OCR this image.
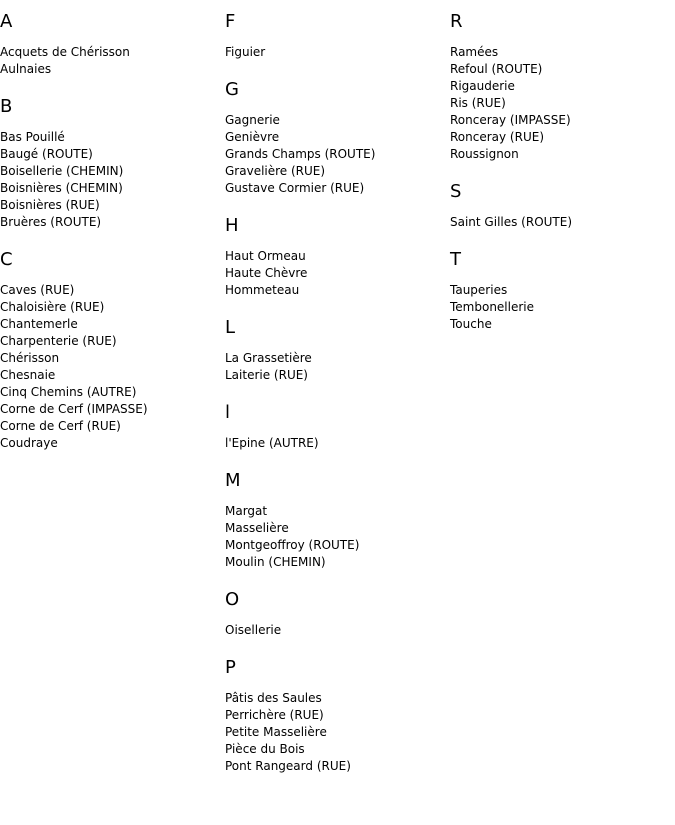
A
Acquets de Chérisson
Aulnaies
B
Bas Pouillé
Baugé (ROUTE)
Boisellerie (CHEMIN)
Boisnières (CHEMIN)
Boisnières (RUE)
Bruères (ROUTE)
C
Caves (RUE)
Chaloisière (RUE)
Chantemerle
Charpenterie (RUE)
Chérisson
Chesnaie
Cinq Chemins (AUTRE)
Corne de Cerf (IMPASSE)
Corne de Cerf (RUE)
Coudraye
F
Figuier
G
Gagnerie
Genièvre
Grands Champs (ROUTE)
Gravelière (RUE)
Gustave Cormier (RUE)
H
Haut Ormeau
Haute Chèvre
Hommeteau
L
La Grassetière
Laiterie (RUE)
l
l'Epine (AUTRE)
M
Margat
Masselière
Montgeoffroy (ROUTE)
Moulin (CHEMIN)
O
Oisellerie
P
Pâtis des Saules
Perrichère (RUE)
Petite Masselière
Pièce du Bois
Pont Rangeard (RUE)
R
Ramées
Refoul (ROUTE)
Rigauderie
Ris (RUE)
Ronceray (IMPASSE)
Ronceray (RUE)
Roussignon
S
Saint Gilles (ROUTE)
T
Tauperies
Tembonellerie
Touche
